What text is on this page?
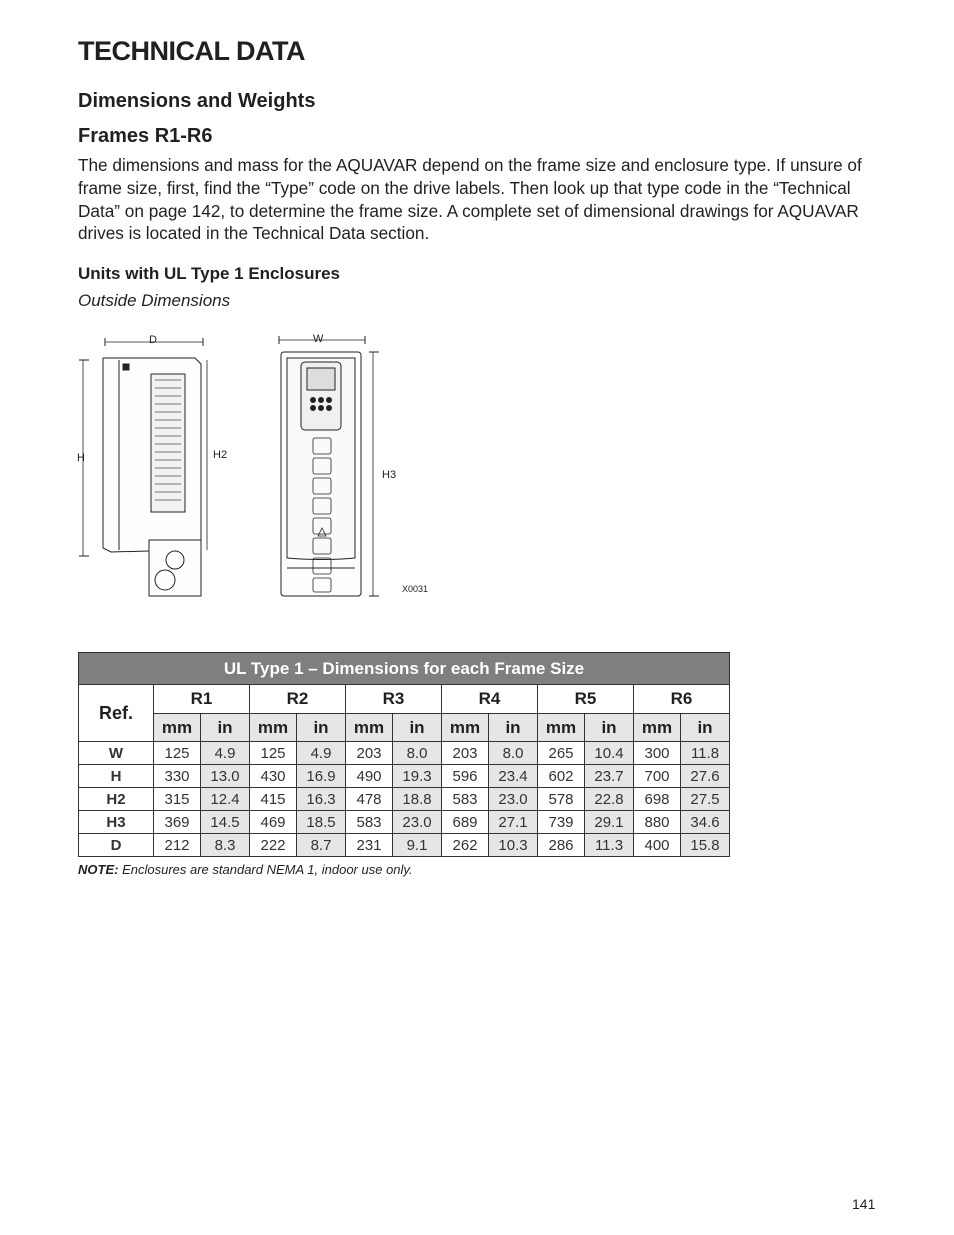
TECHNICAL DATA
Dimensions and Weights
Frames R1-R6

The dimensions and mass for the AQUAVAR depend on the frame size and enclosure type. If unsure of frame size, first, find the “Type” code on the drive labels. Then look up that type code in the “Technical Data” on page 142, to determine the frame size. A complete set of dimensional drawings for AQUAVAR drives is located in the Technical Data section.

Units with UL Type 1 Enclosures
Outside Dimensions
D
H	H2
W
H3
X0031
UL Type 1 – Dimensions for each Frame Size												
Ref.	R1		R2		R3		R4		R5		R6	
	mm	in	mm	in	mm	in	mm	in	mm	in	mm	in
W	125	4.9	125	4.9	203	8.0	203	8.0	265	10.4	300	11.8
H	330	13.0	430	16.9	490	19.3	596	23.4	602	23.7	700	27.6
H2	315	12.4	415	16.3	478	18.8	583	23.0	578	22.8	698	27.5
H3	369	14.5	469	18.5	583	23.0	689	27.1	739	29.1	880	34.6
D	212	8.3	222	8.7	231	9.1	262	10.3	286	11.3	400	15.8
NOTE: Enclosures are standard NEMA 1, indoor use only.
141
